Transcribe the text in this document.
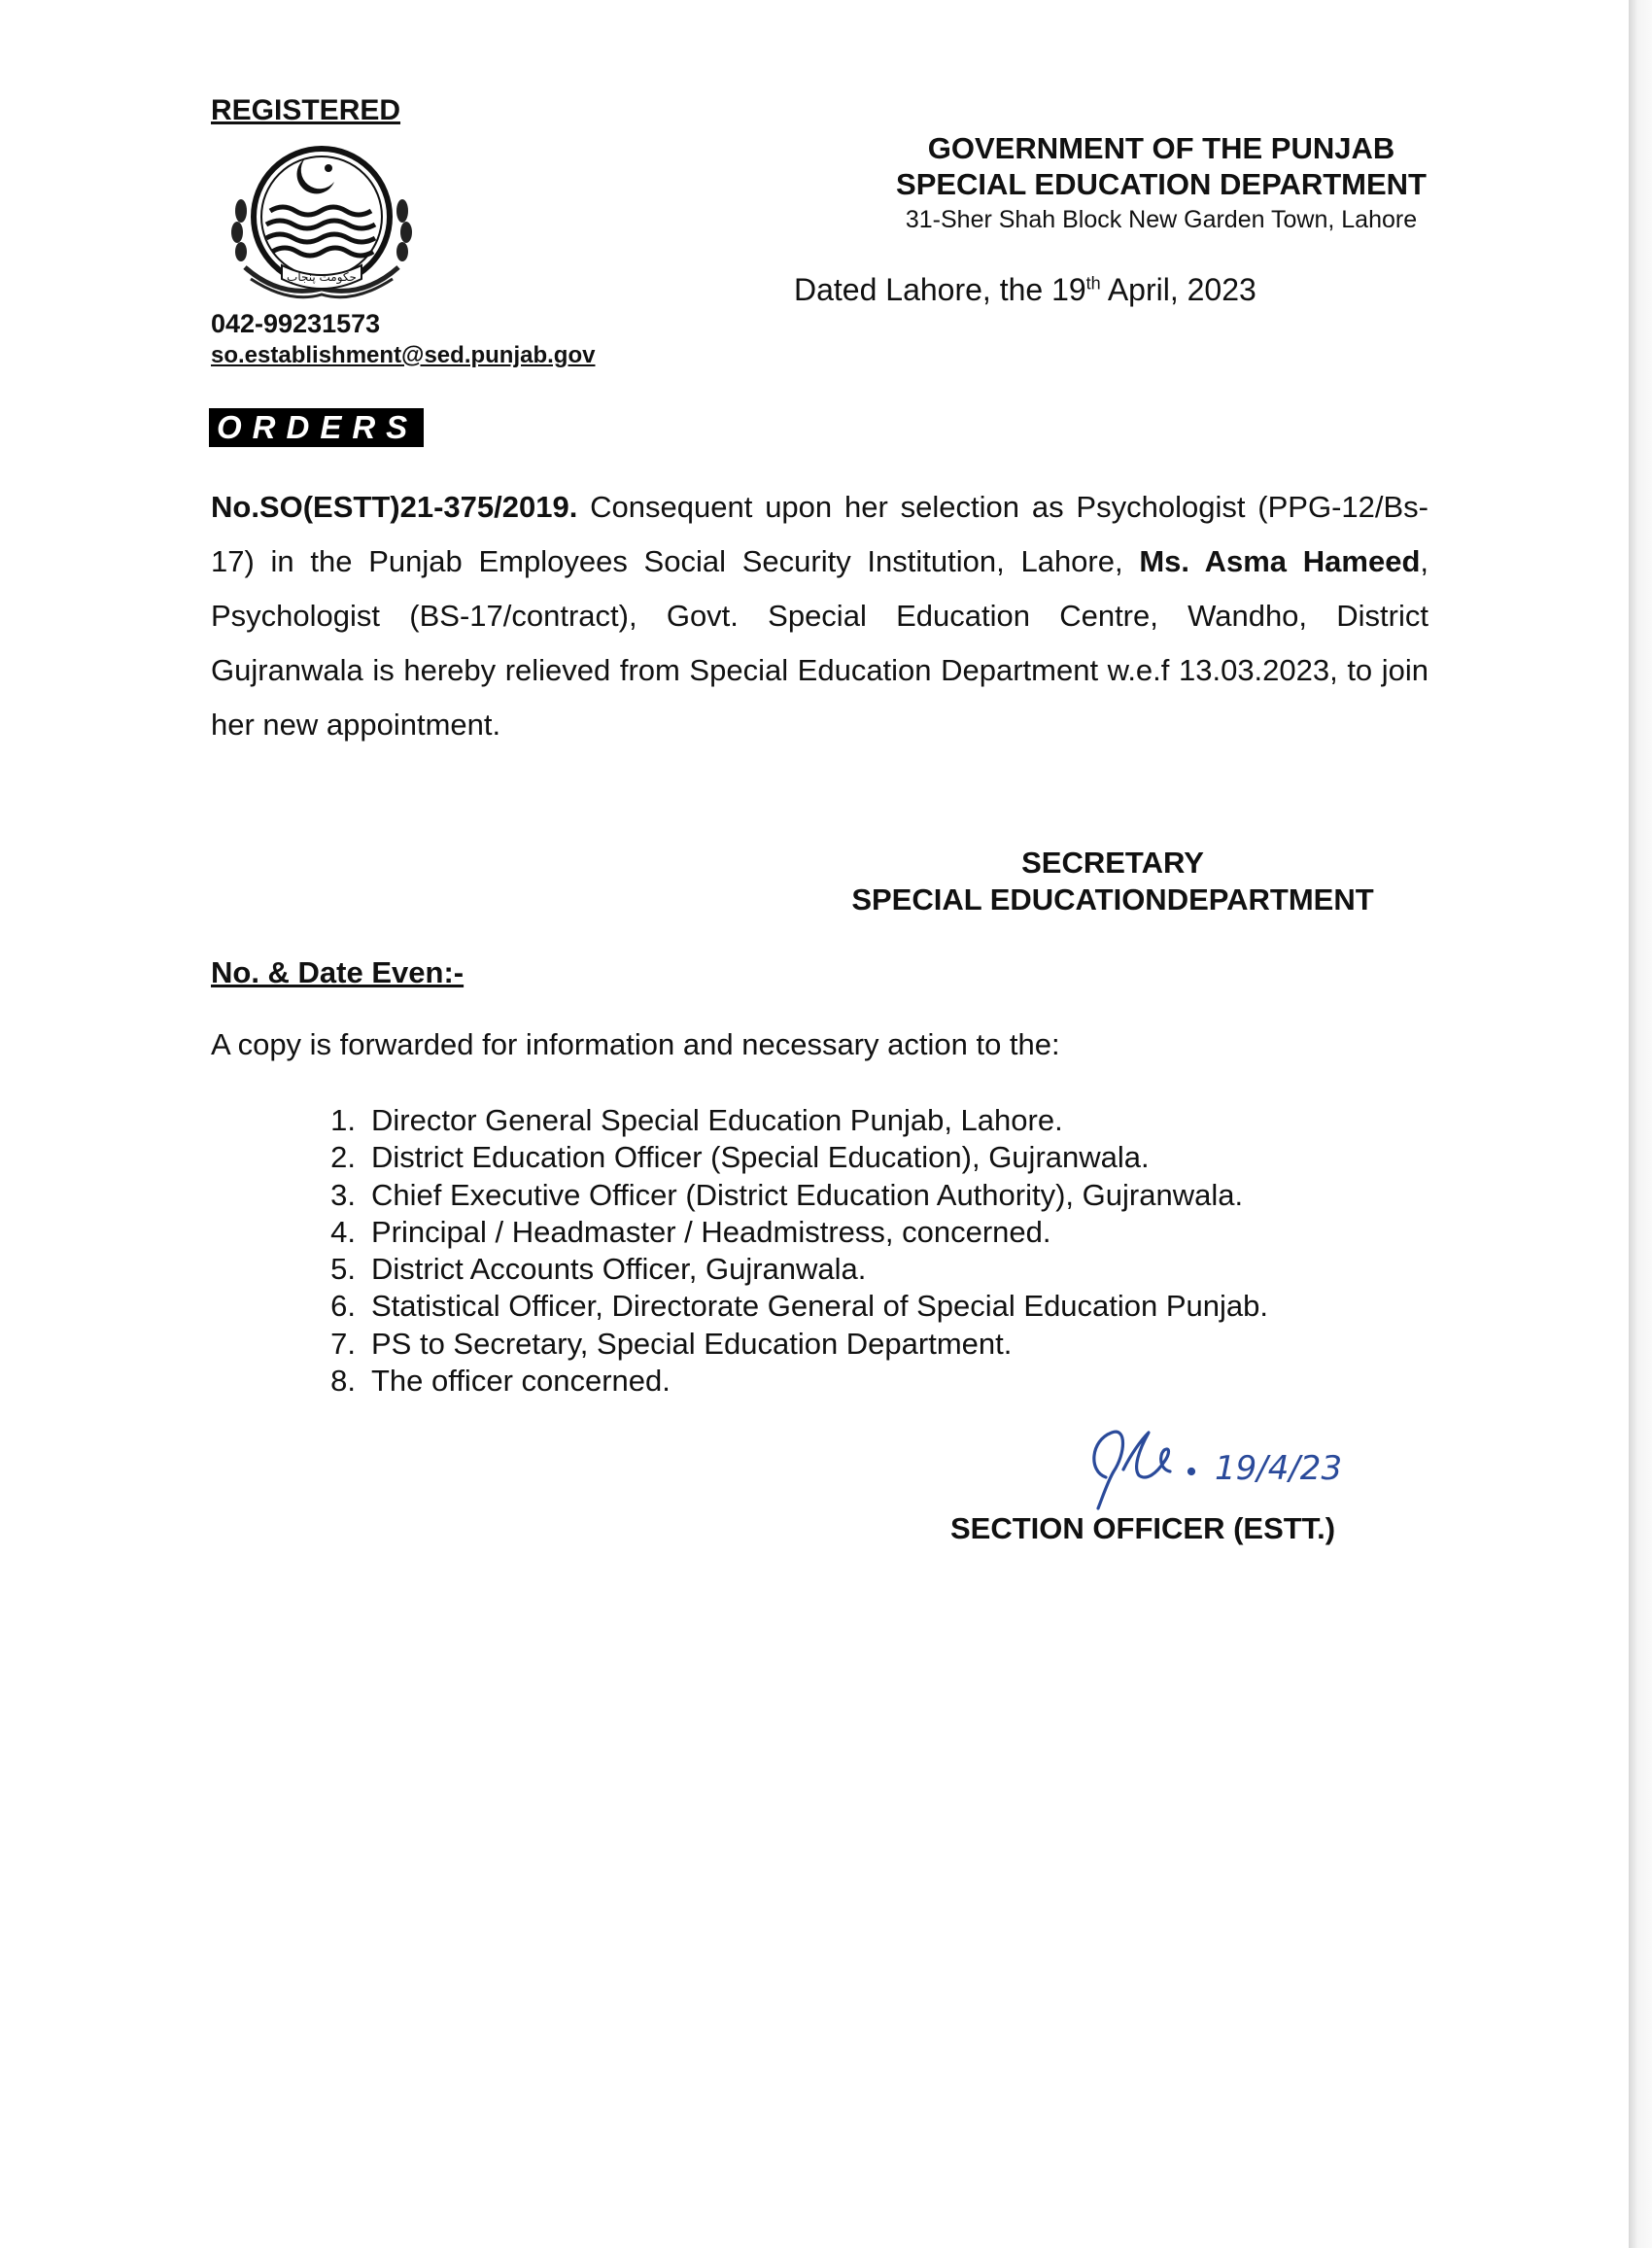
REGISTERED
حکومت پنجاب
042-99231573
so.establishment@sed.punjab.gov
GOVERNMENT OF THE PUNJAB
SPECIAL EDUCATION DEPARTMENT
31-Sher Shah Block New Garden Town, Lahore
Dated Lahore, the 19th April, 2023
ORDERS

No.SO(ESTT)21-375/2019. Consequent upon her selection as Psychologist (PPG-12/Bs-17) in the Punjab Employees Social Security Institution, Lahore, Ms. Asma Hameed, Psychologist (BS-17/contract), Govt. Special Education Centre, Wandho, District Gujranwala is hereby relieved from Special Education Department w.e.f 13.03.2023, to join her new appointment.

SECRETARY
SPECIAL EDUCATIONDEPARTMENT
No. & Date Even:-
A copy is forwarded for information and necessary action to the:
1. Director General Special Education Punjab, Lahore.
2. District Education Officer (Special Education), Gujranwala.
3. Chief Executive Officer (District Education Authority), Gujranwala.
4. Principal / Headmaster / Headmistress, concerned.
5. District Accounts Officer, Gujranwala.
6. Statistical Officer, Directorate General of Special Education Punjab.
7. PS to Secretary, Special Education Department.
8. The officer concerned.
19/4/23
SECTION OFFICER (ESTT.)
